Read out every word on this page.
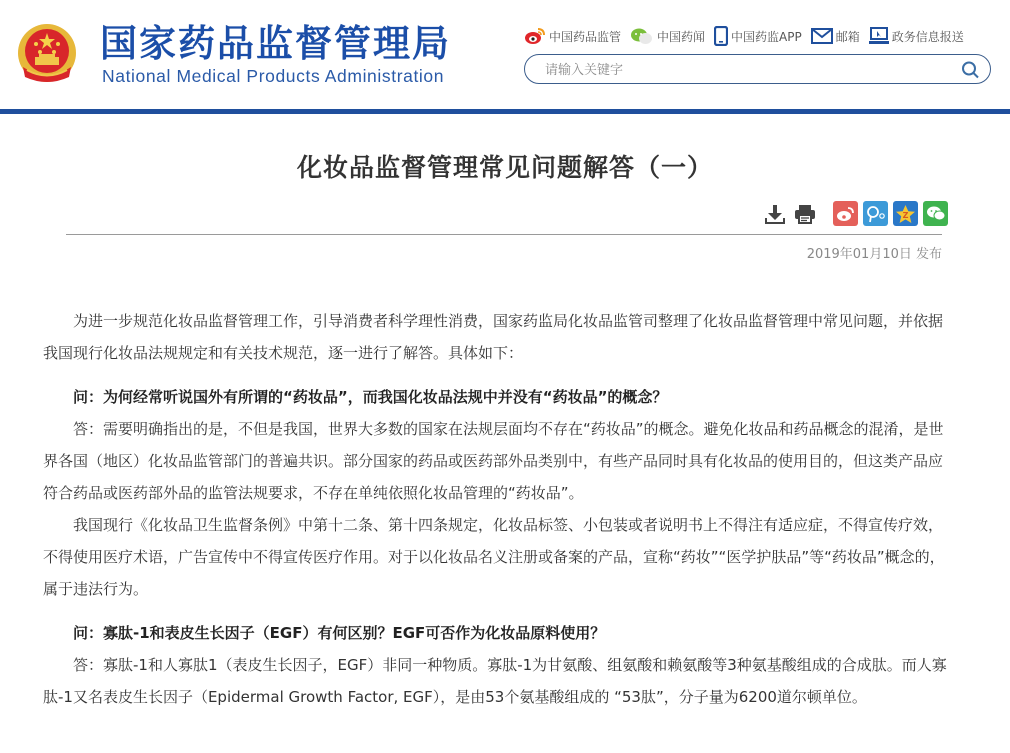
国家药品监督管理局
National Medical Products Administration
中国药品监管	中国药闻 中国药监APP	邮箱	政务信息报送
请输入关键字
化妆品监督管理常见问题解答（一）
Z
2019年01月10日 发布

为进一步规范化妆品监督管理工作，引导消费者科学理性消费，国家药监局化妆品监管司整理了化妆品监督管理中常见问题，并依据我国现行化妆品法规规定和有关技术规范，逐一进行了解答。具体如下：

问：为何经常听说国外有所谓的“药妆品”，而我国化妆品法规中并没有“药妆品”的概念？

答：需要明确指出的是，不但是我国，世界大多数的国家在法规层面均不存在“药妆品”的概念。避免化妆品和药品概念的混淆，是世界各国（地区）化妆品监管部门的普遍共识。部分国家的药品或医药部外品类别中，有些产品同时具有化妆品的使用目的，但这类产品应符合药品或医药部外品的监管法规要求，不存在单纯依照化妆品管理的“药妆品”。

我国现行《化妆品卫生监督条例》中第十二条、第十四条规定，化妆品标签、小包装或者说明书上不得注有适应症，不得宣传疗效，不得使用医疗术语，广告宣传中不得宣传医疗作用。对于以化妆品名义注册或备案的产品，宣称“药妆”“医学护肤品”等“药妆品”概念的，属于违法行为。

问：寡肽-1和表皮生长因子（EGF）有何区别？EGF可否作为化妆品原料使用？

答：寡肽-1和人寡肽1（表皮生长因子，EGF）非同一种物质。寡肽-1为甘氨酸、组氨酸和赖氨酸等3种氨基酸组成的合成肽。而人寡肽-1又名表皮生长因子（Epidermal Growth Factor, EGF），是由53个氨基酸组成的 “53肽”，分子量为6200道尔顿单位。
